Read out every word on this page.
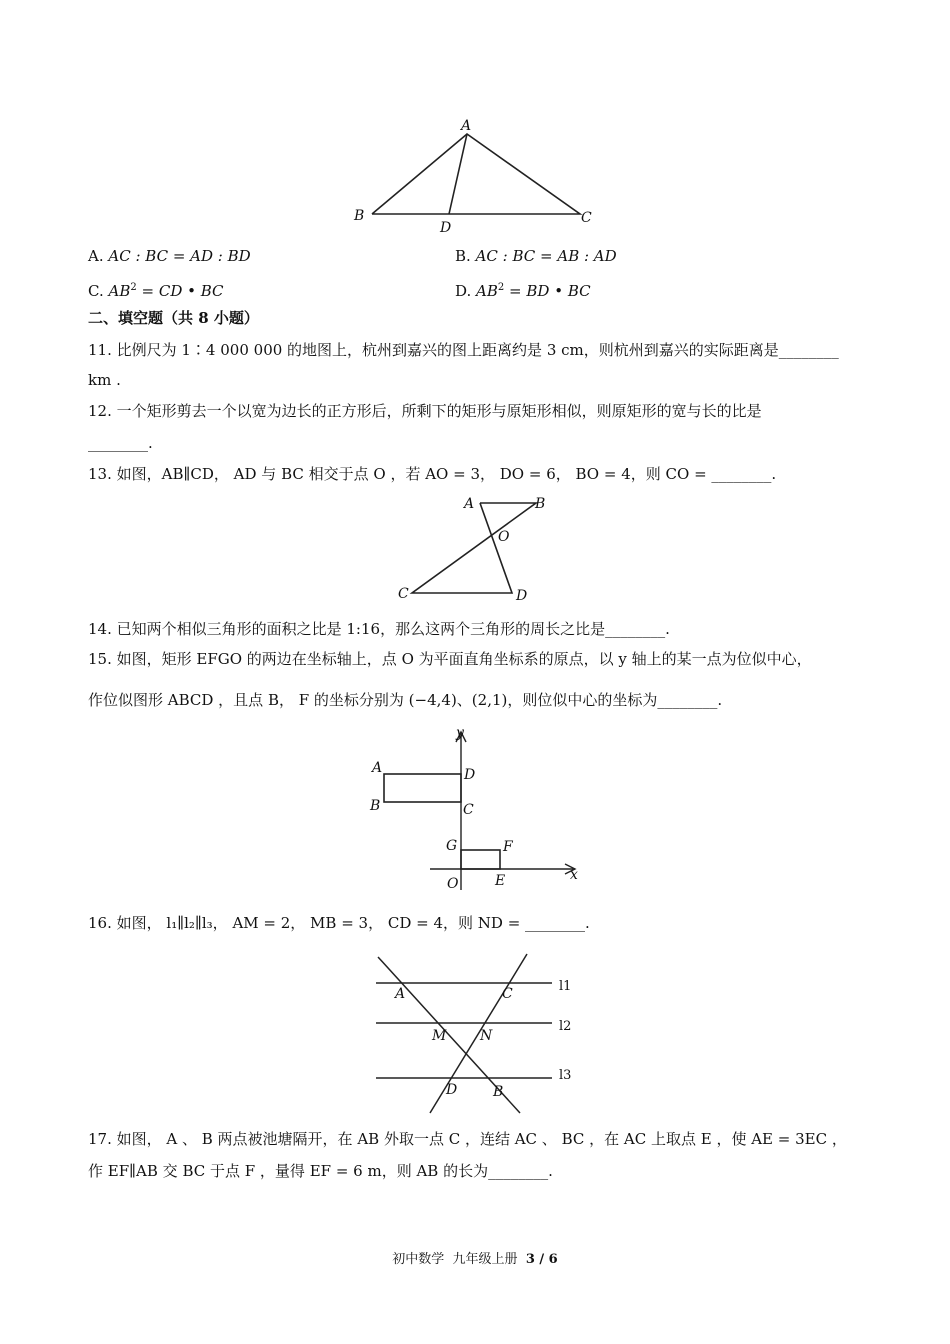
A
B
D
C
A. AC : BC = AD : BD	B. AC : BC = AB : AD
C. $AB^2$ = CD • BC	D. $AB^2$ = BD • BC
二、填空题（共 8 小题）
11. 比例尺为 1∶4 000 000 的地图上，杭州到嘉兴的图上距离约是 3 cm，则杭州到嘉兴的实际距离是________
km .
12. 一个矩形剪去一个以宽为边长的正方形后，所剩下的矩形与原矩形相似，则原矩形的宽与长的比是
________.
13. 如图，AB∥CD， AD 与 BC 相交于点 O ，若 AO = 3， DO = 6， BO = 4，则 CO = ________.
A	B
O
C	D
14. 已知两个相似三角形的面积之比是 1:16，那么这两个三角形的周长之比是________.
15. 如图，矩形 EFGO 的两边在坐标轴上，点 O 为平面直角坐标系的原点，以 y 轴上的某一点为位似中心，
作位似图形 ABCD ，且点 B， F 的坐标分别为 (−4,4)、(2,1)，则位似中心的坐标为________.
y
A	D
B	C
G	F
O	E	x
16. 如图， l₁∥l₂∥l₃， AM = 2， MB = 3， CD = 4，则 ND = ________.
A	C
M N
D	B
l1
l2
l3
17. 如图， A 、 B 两点被池塘隔开，在 AB 外取一点 C ，连结 AC 、 BC ，在 AC 上取点 E ，使 AE = 3EC ，
作 EF∥AB 交 BC 于点 F ，量得 EF = 6 m，则 AB 的长为________.
初中数学 九年级上册 3 / 6
